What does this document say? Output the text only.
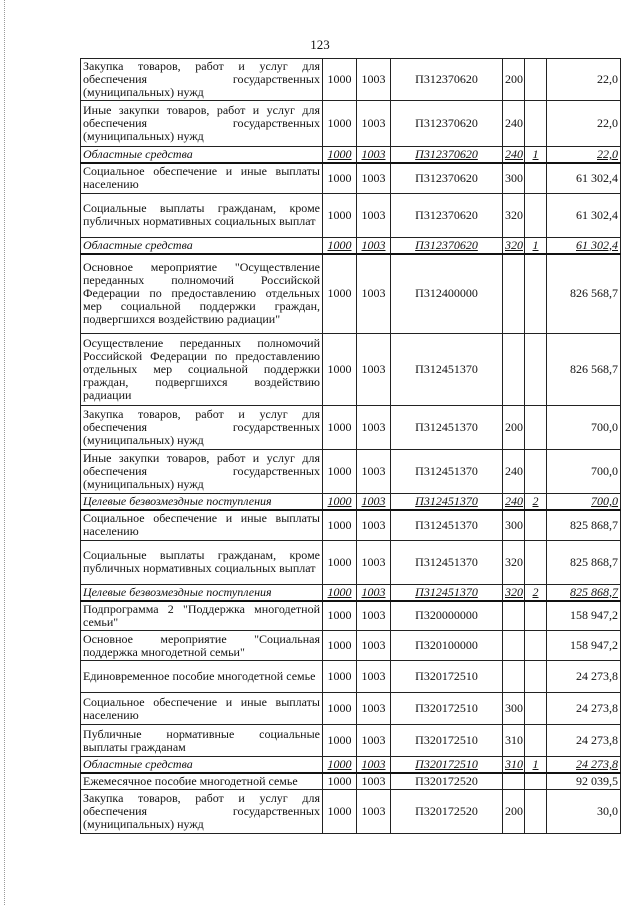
123
Закупка товаров, работ и услуг для обеспечения государственных (муниципальных) нужд	1000	1003	П312370620	200		22,0
Иные закупки товаров, работ и услуг для обеспечения государственных (муниципальных) нужд	1000	1003	П312370620	240		22,0
Областные средства	1000	1003	П312370620	240	1	22,0
Социальное обеспечение и иные выплаты населению	1000	1003	П312370620	300		61 302,4
Социальные выплаты гражданам, кроме публичных нормативных социальных выплат	1000	1003	П312370620	320		61 302,4
Областные средства	1000	1003	П312370620	320	1	61 302,4
Основное мероприятие "Осуществление переданных полномочий Российской Федерации по предоставлению отдельных мер социальной поддержки граждан, подвергшихся воздействию радиации"	1000	1003	П312400000			826 568,7
Осуществление переданных полномочий Российской Федерации по предоставлению отдельных мер социальной поддержки граждан, подвергшихся воздействию радиации	1000	1003	П312451370			826 568,7
Закупка товаров, работ и услуг для обеспечения государственных (муниципальных) нужд	1000	1003	П312451370	200		700,0
Иные закупки товаров, работ и услуг для обеспечения государственных (муниципальных) нужд	1000	1003	П312451370	240		700,0
Целевые безвозмездные поступления	1000	1003	П312451370	240	2	700,0
Социальное обеспечение и иные выплаты населению	1000	1003	П312451370	300		825 868,7
Социальные выплаты гражданам, кроме публичных нормативных социальных выплат	1000	1003	П312451370	320		825 868,7
Целевые безвозмездные поступления	1000	1003	П312451370	320	2	825 868,7
Подпрограмма 2 "Поддержка многодетной семьи"	1000	1003	П320000000			158 947,2
Основное мероприятие "Социальная поддержка многодетной семьи"	1000	1003	П320100000			158 947,2
Единовременное пособие многодетной семье	1000	1003	П320172510			24 273,8
Социальное обеспечение и иные выплаты населению	1000	1003	П320172510	300		24 273,8
Публичные нормативные социальные выплаты гражданам	1000	1003	П320172510	310		24 273,8
Областные средства	1000	1003	П320172510	310	1	24 273,8
Ежемесячное пособие многодетной семье	1000	1003	П320172520			92 039,5
Закупка товаров, работ и услуг для обеспечения государственных (муниципальных) нужд	1000	1003	П320172520	200		30,0
